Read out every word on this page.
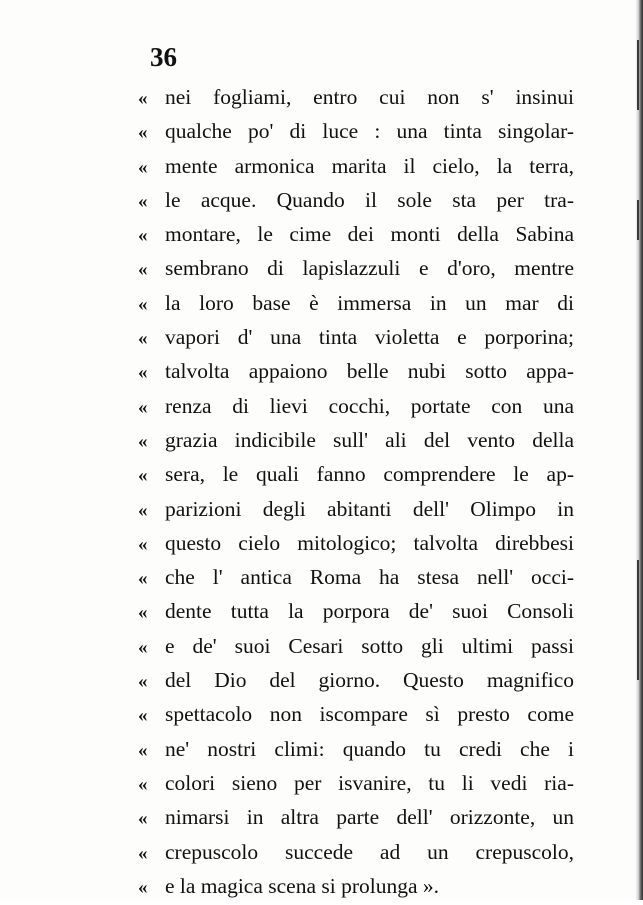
36
« nei fogliami, entro cui non s' insinui
« qualche po' di luce : una tinta singolar-
« mente armonica marita il cielo, la terra,
« le acque. Quando il sole sta per tra-
« montare, le cime dei monti della Sabina
« sembrano di lapislazzuli e d'oro, mentre
« la loro base è immersa in un mar di
« vapori d' una tinta violetta e porporina;
« talvolta appaiono belle nubi sotto appa-
« renza di lievi cocchi, portate con una
« grazia indicibile sull' ali del vento della
« sera, le quali fanno comprendere le ap-
« parizioni degli abitanti dell' Olimpo in
« questo cielo mitologico; talvolta direbbesi
« che l' antica Roma ha stesa nell' occi-
« dente tutta la porpora de' suoi Consoli
« e de' suoi Cesari sotto gli ultimi passi
« del Dio del giorno. Questo magnifico
« spettacolo non iscompare sì presto come
« ne' nostri climi: quando tu credi che i
« colori sieno per isvanire, tu li vedi ria-
« nimarsi in altra parte dell' orizzonte, un
« crepuscolo succede ad un crepuscolo,
« e la magica scena si prolunga ».
